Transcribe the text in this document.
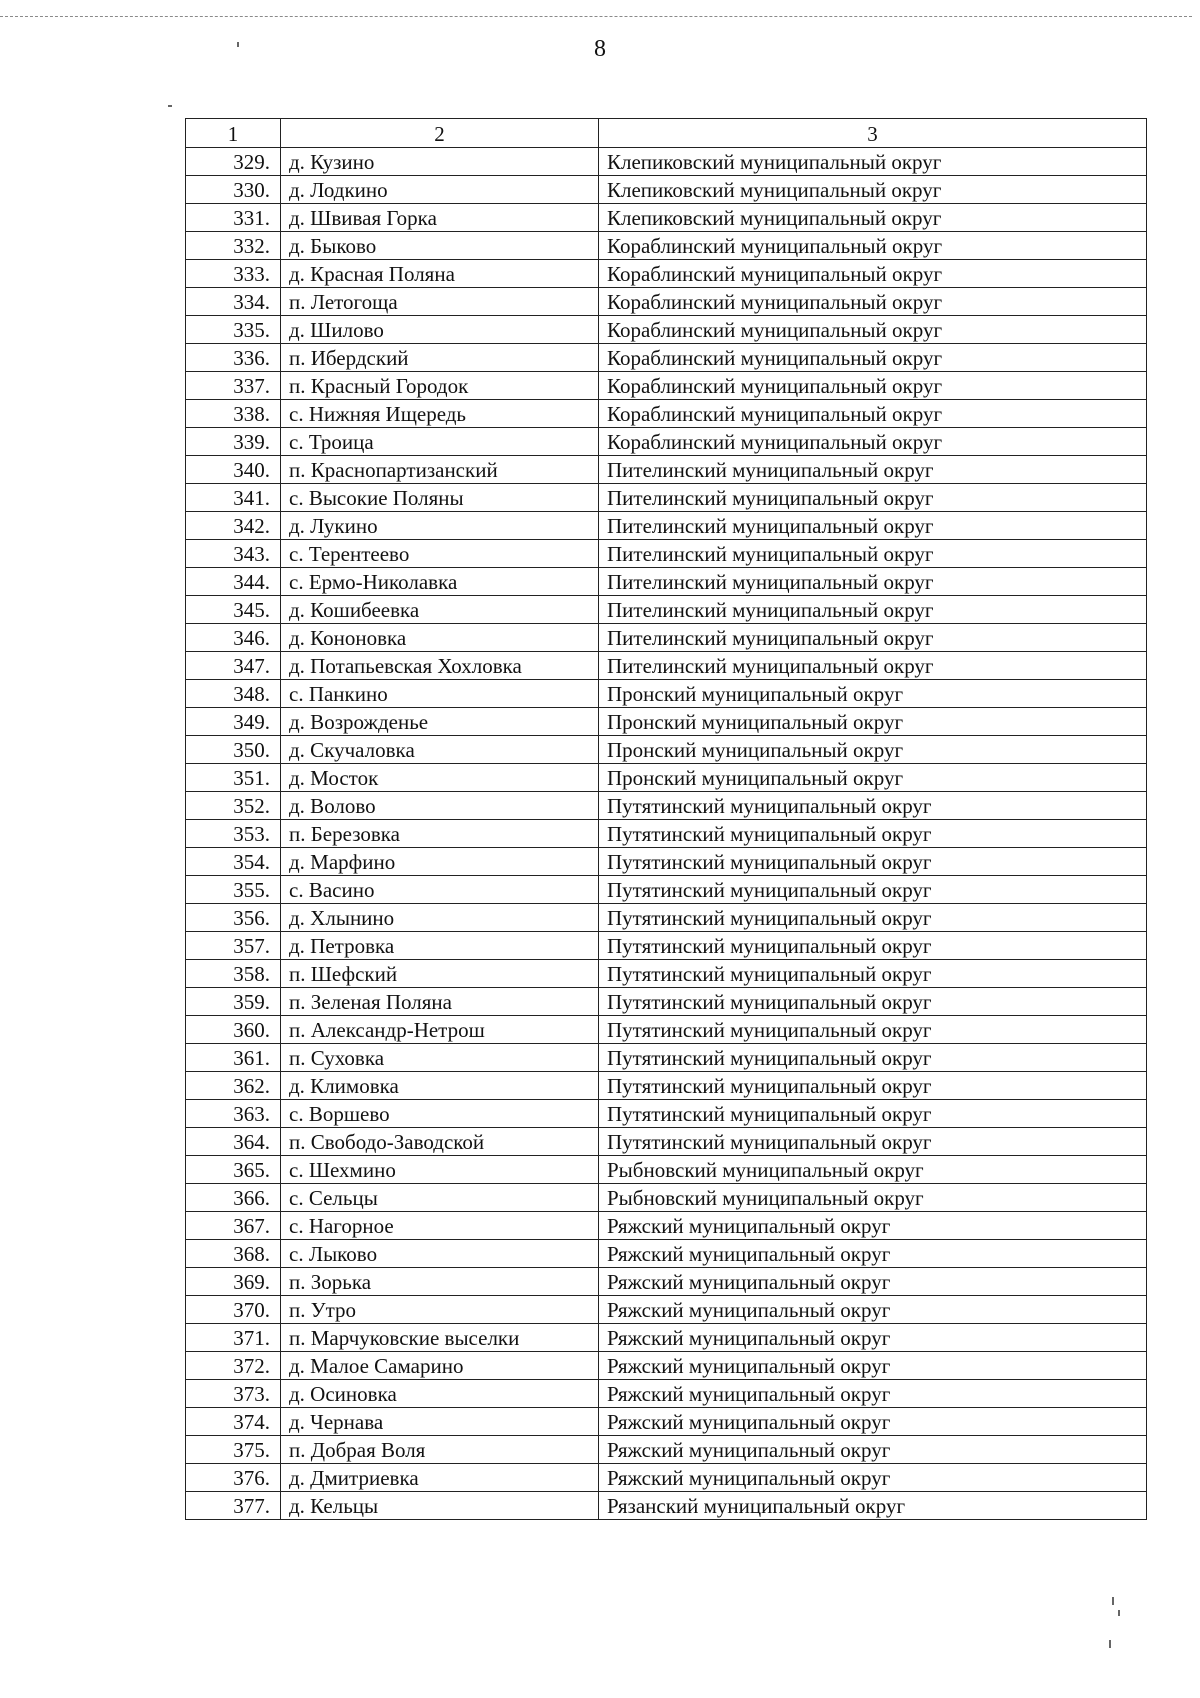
8
1	2	3
329.	д. Кузино	Клепиковский муниципальный округ
330.	д. Лодкино	Клепиковский муниципальный округ
331.	д. Швивая Горка	Клепиковский муниципальный округ
332.	д. Быково	Кораблинский муниципальный округ
333.	д. Красная Поляна	Кораблинский муниципальный округ
334.	п. Летогоща	Кораблинский муниципальный округ
335.	д. Шилово	Кораблинский муниципальный округ
336.	п. Ибердский	Кораблинский муниципальный округ
337.	п. Красный Городок	Кораблинский муниципальный округ
338.	с. Нижняя Ищередь	Кораблинский муниципальный округ
339.	с. Троица	Кораблинский муниципальный округ
340.	п. Краснопартизанский	Пителинский муниципальный округ
341.	с. Высокие Поляны	Пителинский муниципальный округ
342.	д. Лукино	Пителинский муниципальный округ
343.	с. Терентеево	Пителинский муниципальный округ
344.	с. Ермо-Николавка	Пителинский муниципальный округ
345.	д. Кошибеевка	Пителинский муниципальный округ
346.	д. Кононовка	Пителинский муниципальный округ
347.	д. Потапьевская Хохловка	Пителинский муниципальный округ
348.	с. Панкино	Пронский муниципальный округ
349.	д. Возрожденье	Пронский муниципальный округ
350.	д. Скучаловка	Пронский муниципальный округ
351.	д. Мосток	Пронский муниципальный округ
352.	д. Волово	Путятинский муниципальный округ
353.	п. Березовка	Путятинский муниципальный округ
354.	д. Марфино	Путятинский муниципальный округ
355.	с. Васино	Путятинский муниципальный округ
356.	д. Хлынино	Путятинский муниципальный округ
357.	д. Петровка	Путятинский муниципальный округ
358.	п. Шефский	Путятинский муниципальный округ
359.	п. Зеленая Поляна	Путятинский муниципальный округ
360.	п. Александр-Нетрош	Путятинский муниципальный округ
361.	п. Суховка	Путятинский муниципальный округ
362.	д. Климовка	Путятинский муниципальный округ
363.	с. Воршево	Путятинский муниципальный округ
364.	п. Свободо-Заводской	Путятинский муниципальный округ
365.	с. Шехмино	Рыбновский муниципальный округ
366.	с. Сельцы	Рыбновский муниципальный округ
367.	с. Нагорное	Ряжский муниципальный округ
368.	с. Лыково	Ряжский муниципальный округ
369.	п. Зорька	Ряжский муниципальный округ
370.	п. Утро	Ряжский муниципальный округ
371.	п. Марчуковские выселки	Ряжский муниципальный округ
372.	д. Малое Самарино	Ряжский муниципальный округ
373.	д. Осиновка	Ряжский муниципальный округ
374.	д. Чернава	Ряжский муниципальный округ
375.	п. Добрая Воля	Ряжский муниципальный округ
376.	д. Дмитриевка	Ряжский муниципальный округ
377.	д. Кельцы	Рязанский муниципальный округ
